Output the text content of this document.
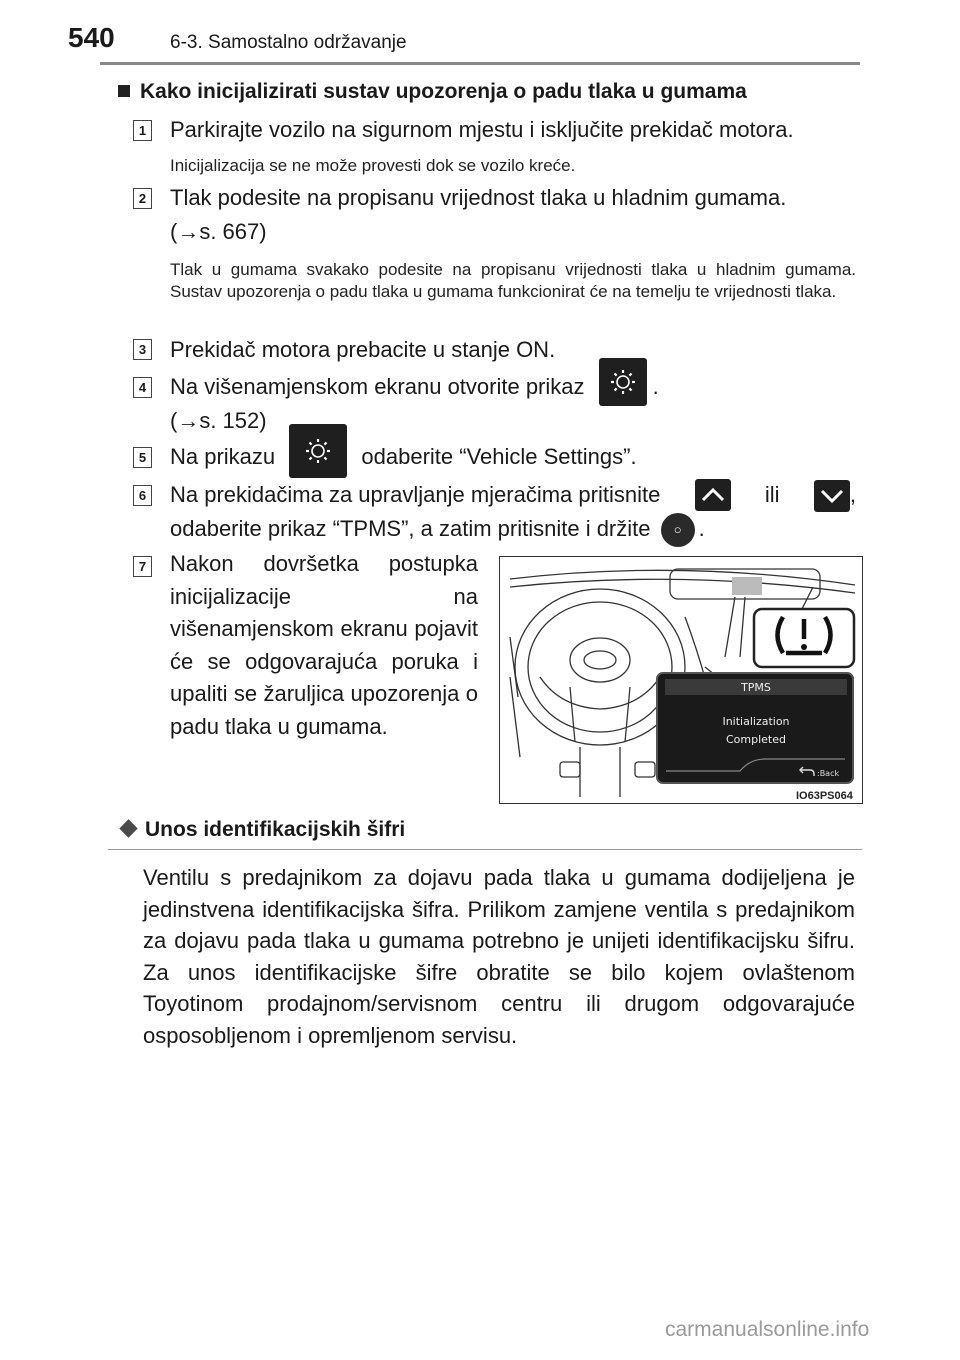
540	6-3. Samostalno održavanje
Kako inicijalizirati sustav upozorenja o padu tlaka u gumama
1 Parkirajte vozilo na sigurnom mjestu i isključite prekidač motora.
Inicijalizacija se ne može provesti dok se vozilo kreće.
2 Tlak podesite na propisanu vrijednost tlaka u hladnim gumama.
(→s. 667)
Tlak u gumama svakako podesite na propisanu vrijednosti tlaka u hladnim gumama. Sustav upozorenja o padu tlaka u gumama funkcionirat će na temelju te vrijednosti tlaka.
3 Prekidač motora prebacite u stanje ON.
4 Na višenamjenskom ekranu otvorite prikaz	.
(→s. 152)
5 Na prikazu	odaberite “Vehicle Settings”.
6 Na prekidačima za upravljanje mjeračima pritisnite	ili	,
odaberite prikaz “TPMS”, a zatim pritisnite i držite ○ .
7 Nakon dovršetka postupka inicijalizacije na višenamjenskom ekranu pojavit će se odgovarajuća poruka i upaliti se žaruljica upozorenja o padu tlaka u gumama.
TPMS
Initialization
Completed
:Back
IO63PS064
Unos identifikacijskih šifri
Ventilu s predajnikom za dojavu pada tlaka u gumama dodijeljena je jedinstvena identifikacijska šifra. Prilikom zamjene ventila s predajnikom za dojavu pada tlaka u gumama potrebno je unijeti identifikacijsku šifru. Za unos identifikacijske šifre obratite se bilo kojem ovlaštenom Toyotinom prodajnom/servisnom centru ili drugom odgovarajuće osposobljenom i opremljenom servisu.
carmanualsonline.info
